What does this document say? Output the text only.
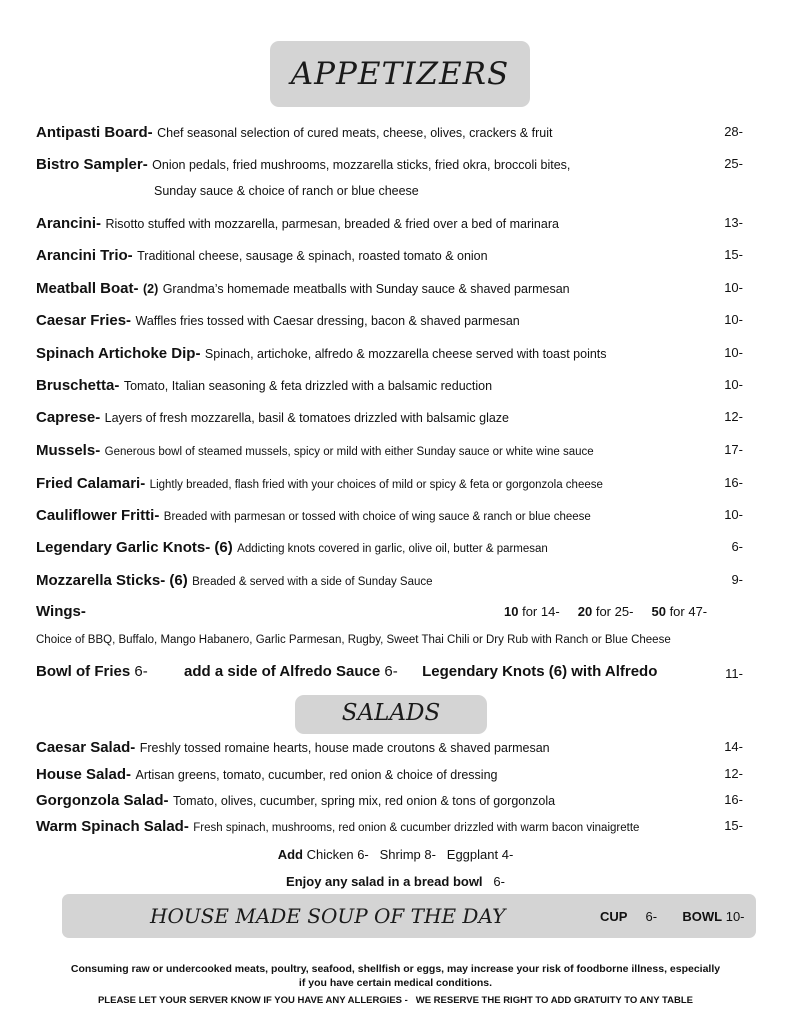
APPETIZERS
Antipasti Board- Chef seasonal selection of cured meats, cheese, olives, crackers & fruit	28-
Bistro Sampler- Onion pedals, fried mushrooms, mozzarella sticks, fried okra, broccoli bites,	25-
Sunday sauce & choice of ranch or blue cheese
Arancini- Risotto stuffed with mozzarella, parmesan, breaded & fried over a bed of marinara	13-
Arancini Trio- Traditional cheese, sausage & spinach, roasted tomato & onion	15-
Meatball Boat- (2) Grandma’s homemade meatballs with Sunday sauce & shaved parmesan	10-
Caesar Fries- Waffles fries tossed with Caesar dressing, bacon & shaved parmesan	10-
Spinach Artichoke Dip- Spinach, artichoke, alfredo & mozzarella cheese served with toast points	10-
Bruschetta- Tomato, Italian seasoning & feta drizzled with a balsamic reduction	10-
Caprese- Layers of fresh mozzarella, basil & tomatoes drizzled with balsamic glaze	12-
Mussels- Generous bowl of steamed mussels, spicy or mild with either Sunday sauce or white wine sauce	17-
Fried Calamari- Lightly breaded, flash fried with your choices of mild or spicy & feta or gorgonzola cheese	16-
Cauliflower Fritti- Breaded with parmesan or tossed with choice of wing sauce & ranch or blue cheese	10-
Legendary Garlic Knots- (6) Addicting knots covered in garlic, olive oil, butter & parmesan	6-
Mozzarella Sticks- (6) Breaded & served with a side of Sunday Sauce	9-
Wings-	10 for 14- 20 for 25- 50 for 47-
Choice of BBQ, Buffalo, Mango Habanero, Garlic Parmesan, Rugby, Sweet Thai Chili or Dry Rub with Ranch or Blue Cheese
Bowl of Fries 6- add a side of Alfredo Sauce 6- Legendary Knots (6) with Alfredo	11-
SALADS
Caesar Salad- Freshly tossed romaine hearts, house made croutons & shaved parmesan	14-
House Salad- Artisan greens, tomato, cucumber, red onion & choice of dressing	12-
Gorgonzola Salad- Tomato, olives, cucumber, spring mix, red onion & tons of gorgonzola	16-
Warm Spinach Salad- Fresh spinach, mushrooms, red onion & cucumber drizzled with warm bacon vinaigrette	15-
Add Chicken 6-   Shrimp 8-   Eggplant 4-
Enjoy any salad in a bread bowl 6-
HOUSE MADE SOUP OF THE DAY	CUP 6- BOWL 10-
Consuming raw or undercooked meats, poultry, seafood, shellfish or eggs, may increase your risk of foodborne illness, especially
if you have certain medical conditions.
PLEASE LET YOUR SERVER KNOW IF YOU HAVE ANY ALLERGIES -   WE RESERVE THE RIGHT TO ADD GRATUITY TO ANY TABLE
